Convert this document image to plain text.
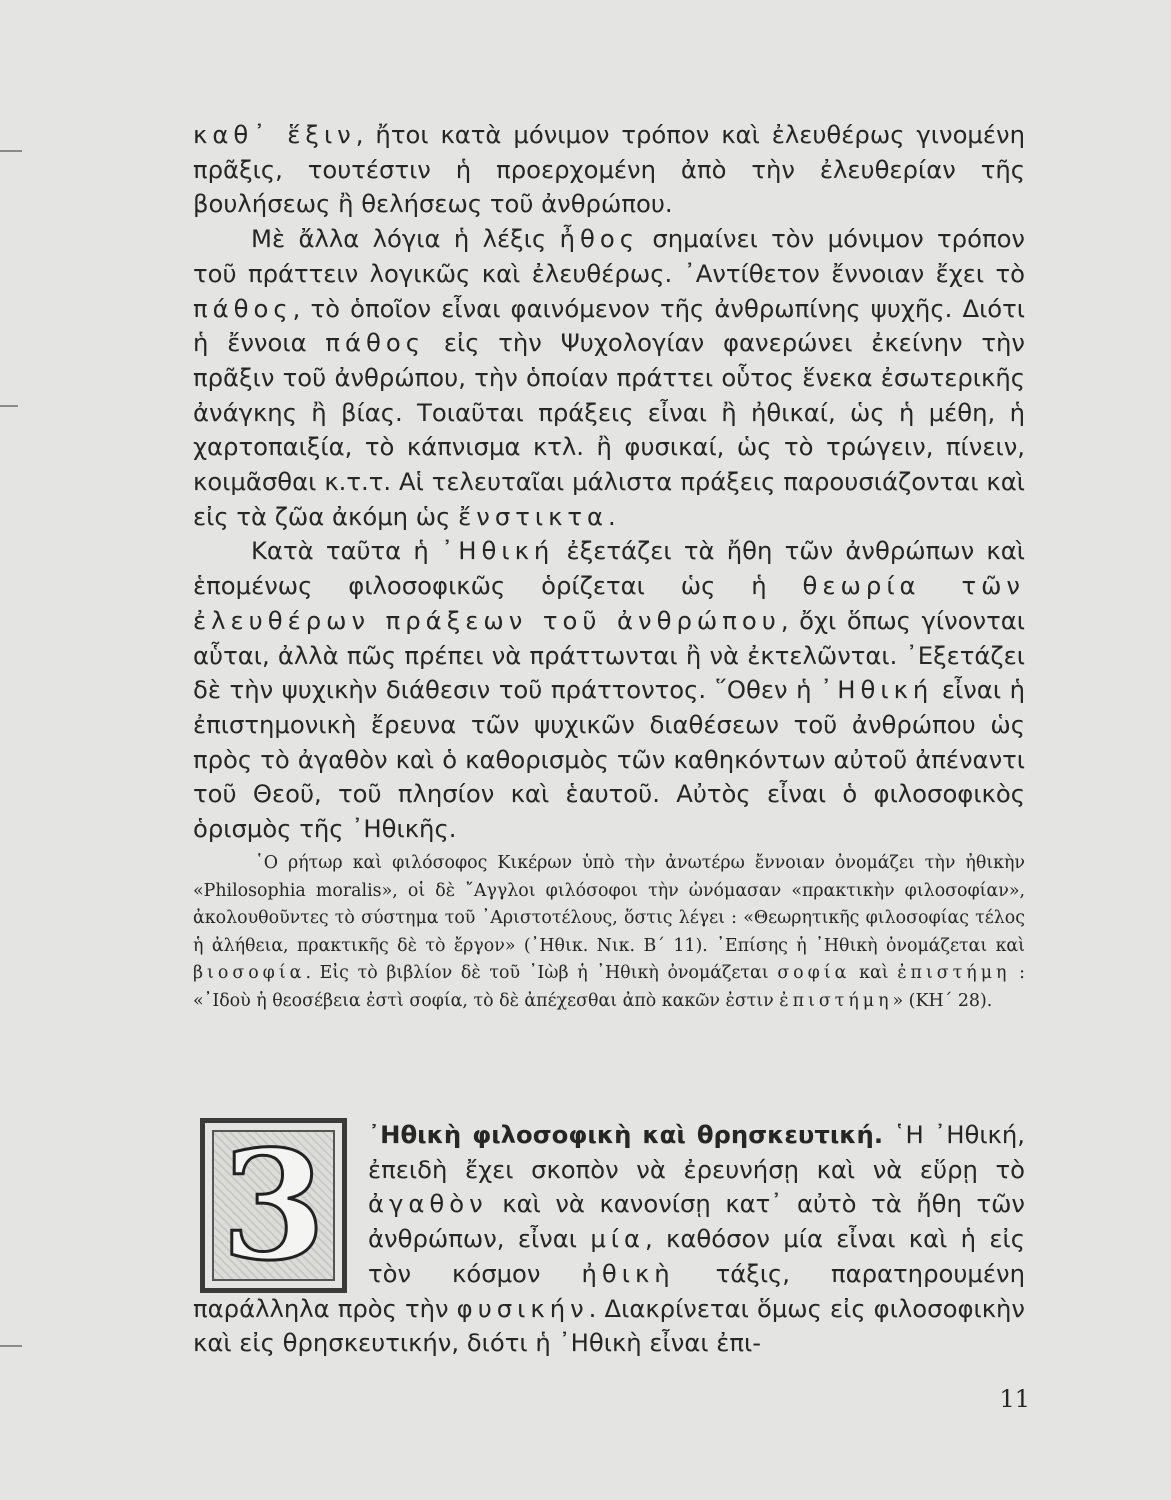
καθ᾽ ἕξιν, ἤτοι κατὰ μόνιμον τρόπον καὶ ἐλευθέρως γινομένη πρᾶξις, τουτέστιν ἡ προερχομένη ἀπὸ τὴν ἐλευθερίαν τῆς βουλήσεως ἢ θελήσεως τοῦ ἀνθρώπου.

Μὲ ἄλλα λόγια ἡ λέξις ἦθος σημαίνει τὸν μόνιμον τρόπον τοῦ πράττειν λογικῶς καὶ ἐλευθέρως. ᾽Αντίθετον ἔννοιαν ἔχει τὸ πάθος, τὸ ὁποῖον εἶναι φαινόμενον τῆς ἀνθρωπίνης ψυχῆς. Διότι ἡ ἔννοια πάθος εἰς τὴν Ψυχολογίαν φανερώνει ἐκείνην τὴν πρᾶξιν τοῦ ἀνθρώπου, τὴν ὁποίαν πράττει οὗτος ἕνεκα ἐσωτερικῆς ἀνάγκης ἢ βίας. Τοιαῦται πράξεις εἶναι ἢ ἠθικαί, ὡς ἡ μέθη, ἡ χαρτοπαιξία, τὸ κάπνισμα κτλ. ἢ φυσικαί, ὡς τὸ τρώγειν, πίνειν, κοιμᾶσθαι κ.τ.τ. Αἱ τελευταῖαι μάλιστα πράξεις παρουσιάζονται καὶ εἰς τὰ ζῶα ἀκόμη ὡς ἔνστικτα.

Κατὰ ταῦτα ἡ ᾽Ηθική ἐξετάζει τὰ ἤθη τῶν ἀνθρώπων καὶ ἑπομένως φιλοσοφικῶς ὁρίζεται ὡς ἡ θεωρία τῶν ἐλευθέρων πράξεων τοῦ ἀνθρώπου, ὄχι ὅπως γίνονται αὗται, ἀλλὰ πῶς πρέπει νὰ πράττωνται ἢ νὰ ἐκτελῶνται. ᾽Εξετάζει δὲ τὴν ψυχικὴν διάθεσιν τοῦ πράττοντος. ῞Οθεν ἡ ᾽Ηθική εἶναι ἡ ἐπιστημονικὴ ἔρευνα τῶν ψυχικῶν διαθέσεων τοῦ ἀνθρώπου ὡς πρὸς τὸ ἀγαθὸν καὶ ὁ καθορισμὸς τῶν καθηκόντων αὐτοῦ ἀπέναντι τοῦ Θεοῦ, τοῦ πλησίον καὶ ἑαυτοῦ. Αὐτὸς εἶναι ὁ φιλοσοφικὸς ὁρισμὸς τῆς ᾽Ηθικῆς.

῾Ο ρήτωρ καὶ φιλόσοφος Κικέρων ὑπὸ τὴν ἀνωτέρω ἔννοιαν ὀνομάζει τὴν ἠθικὴν «Philosophia moralis», οἱ δὲ ῎Αγγλοι φιλόσοφοι τὴν ὠνόμασαν «πρακτικὴν φιλοσοφίαν», ἀκολουθοῦντες τὸ σύστημα τοῦ ᾽Αριστοτέλους, ὅστις λέγει : «Θεωρητικῆς φιλοσοφίας τέλος ἡ ἀλήθεια, πρακτικῆς δὲ τὸ ἔργον» (᾽Ηθικ. Νικ. Β´ 11). ᾽Επίσης ἡ ᾽Ηθικὴ ὀνομάζεται καὶ βιοσοφία. Εἰς τὸ βιβλίον δὲ τοῦ ᾽Ιὼβ ἡ ᾽Ηθικὴ ὀνομάζεται σοφία καὶ ἐπιστήμη : «᾽Ιδοὺ ἡ θεοσέβεια ἐστὶ σοφία, τὸ δὲ ἀπέχεσθαι ἀπὸ κακῶν ἐστιν ἐπιστήμη» (ΚΗ´ 28).

3	᾽Ηθικὴ φιλοσοφικὴ καὶ θρησκευτική. ῾Η ᾽Ηθική, ἐπειδὴ ἔχει σκοπὸν νὰ ἐρευνήσῃ καὶ νὰ εὕρῃ τὸ ἀγαθὸν καὶ νὰ κανονίσῃ κατ᾽ αὐτὸ τὰ ἤθη τῶν ἀνθρώπων, εἶναι μία, καθόσον μία εἶναι καὶ ἡ εἰς τὸν κόσμον ἠθικὴ τάξις, παρατηρουμένη παράλληλα πρὸς τὴν φυσικήν. Διακρίνεται ὅμως εἰς φιλοσοφικὴν καὶ εἰς θρησκευτικήν, διότι ἡ ᾽Ηθικὴ εἶναι ἐπι-
11
